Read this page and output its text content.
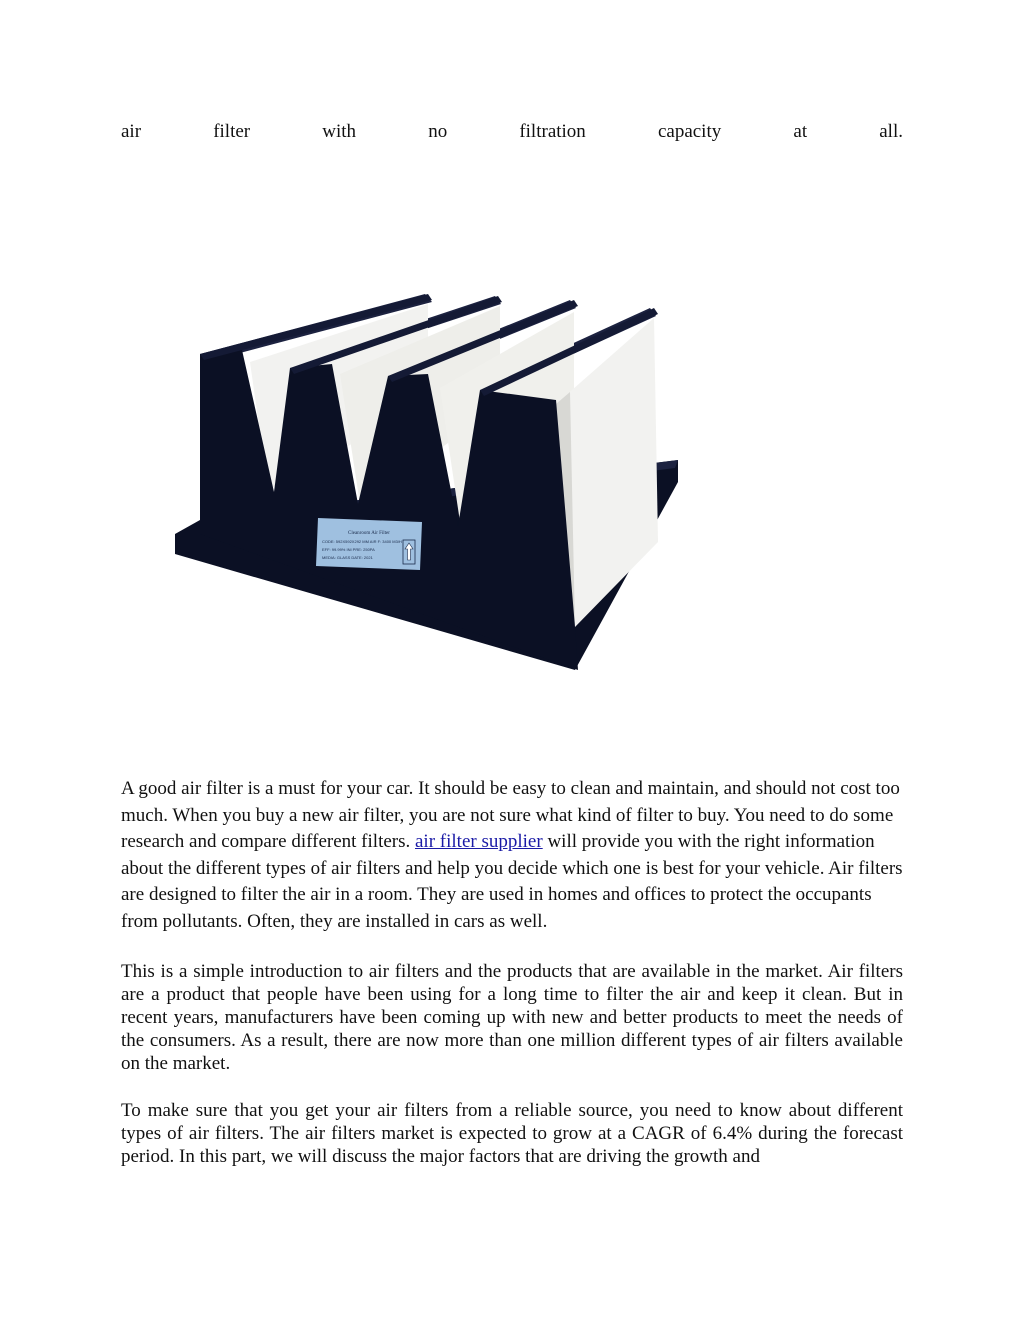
air	filter	with	no	filtration	capacity	at	all.
Cleanroom Air Filter
CODE: 592X592X292 MM AIR F: 3400 M3/H
EFF: 99.99% INI PRE: 250PA
MEDIA: GLASS DATE: 2021

A good air filter is a must for your car. It should be easy to clean and maintain, and should not cost too much. When you buy a new air filter, you are not sure what kind of filter to buy. You need to do some research and compare different filters. air filter supplier will provide you with the right information about the different types of air filters and help you decide which one is best for your vehicle. Air filters are designed to filter the air in a room. They are used in homes and offices to protect the occupants from pollutants. Often, they are installed in cars as well.

This is a simple introduction to air filters and the products that are available in the market. Air filters are a product that people have been using for a long time to filter the air and keep it clean. But in recent years, manufacturers have been coming up with new and better products to meet the needs of the consumers. As a result, there are now more than one million different types of air filters available on the market.

To make sure that you get your air filters from a reliable source, you need to know about different types of air filters. The air filters market is expected to grow at a CAGR of 6.4% during the forecast period. In this part, we will discuss the major factors that are driving the growth and
